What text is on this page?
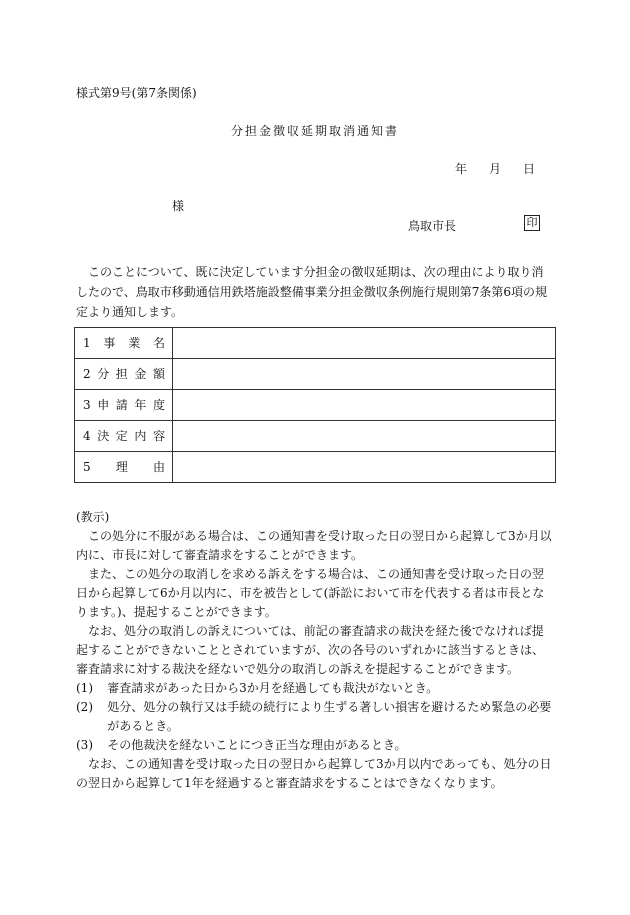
様式第9号(第7条関係)
分担金徴収延期取消通知書
年 月 日
様
鳥取市長	印
このことについて、既に決定しています分担金の徴収延期は、次の理由により取り消したので、鳥取市移動通信用鉄塔施設整備事業分担金徴収条例施行規則第7条第6項の規定より通知します。
1 事 業 名	

2 分 担 金 額	

3 申 請 年 度	

4 決 定 内 容	

5 理 由	

(教示)

この処分に不服がある場合は、この通知書を受け取った日の翌日から起算して3か月以内に、市長に対して審査請求をすることができます。

また、この処分の取消しを求める訴えをする場合は、この通知書を受け取った日の翌日から起算して6か月以内に、市を被告として(訴訟において市を代表する者は市長となります。)、提起することができます。

なお、処分の取消しの訴えについては、前記の審査請求の裁決を経た後でなければ提起することができないこととされていますが、次の各号のいずれかに該当するときは、審査請求に対する裁決を経ないで処分の取消しの訴えを提起することができます。

(1) 審査請求があった日から3か月を経過しても裁決がないとき。

(2) 処分、処分の執行又は手続の続行により生ずる著しい損害を避けるため緊急の必要があるとき。

(3) その他裁決を経ないことにつき正当な理由があるとき。

なお、この通知書を受け取った日の翌日から起算して3か月以内であっても、処分の日の翌日から起算して1年を経過すると審査請求をすることはできなくなります。
